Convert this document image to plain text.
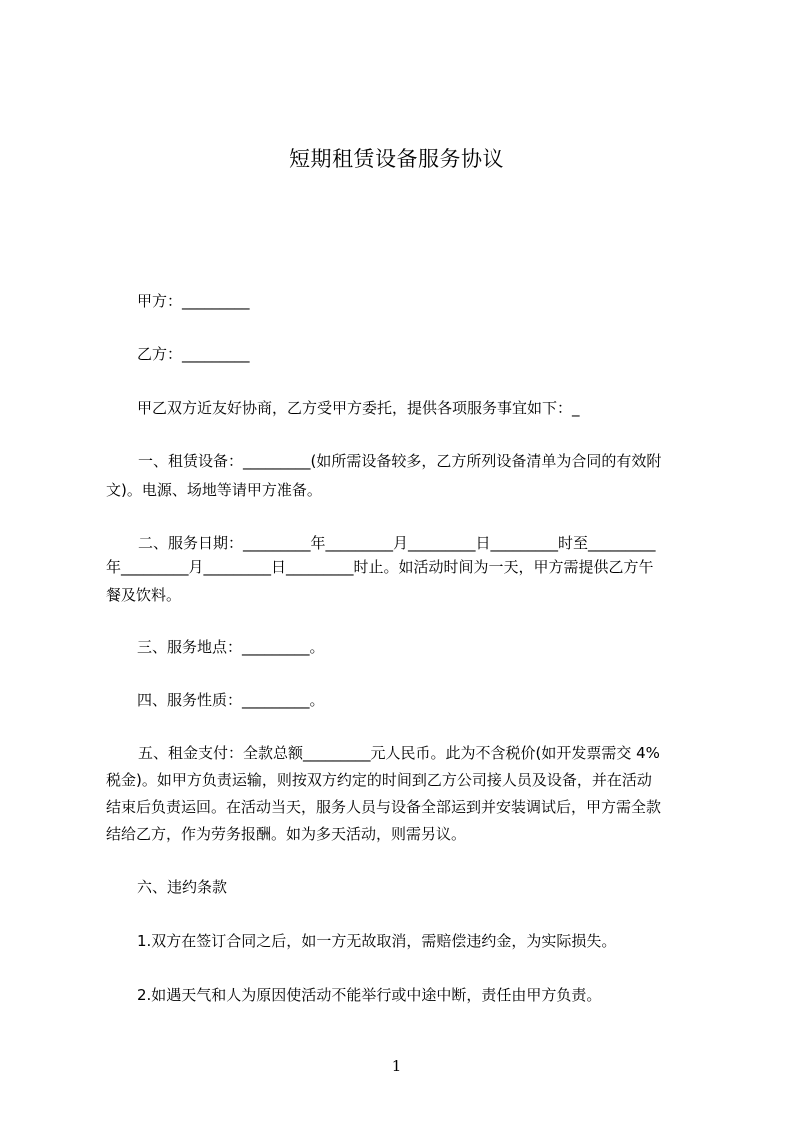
短期租赁设备服务协议
甲方：_________
乙方：_________
甲乙双方近友好协商，乙方受甲方委托，提供各项服务事宜如下：_
一、租赁设备：_________(如所需设备较多，乙方所列设备清单为合同的有效附
文)。电源、场地等请甲方准备。
二、服务日期：_________年_________月_________日_________时至_________
年_________月_________日_________时止。如活动时间为一天，甲方需提供乙方午
餐及饮料。
三、服务地点：_________。
四、服务性质：_________。
五、租金支付：全款总额_________元人民币。此为不含税价(如开发票需交 4%
税金)。如甲方负责运输，则按双方约定的时间到乙方公司接人员及设备，并在活动
结束后负责运回。在活动当天，服务人员与设备全部运到并安装调试后，甲方需全款
结给乙方，作为劳务报酬。如为多天活动，则需另议。
六、违约条款
1.双方在签订合同之后，如一方无故取消，需赔偿违约金，为实际损失。
2.如遇天气和人为原因使活动不能举行或中途中断，责任由甲方负责。
1
